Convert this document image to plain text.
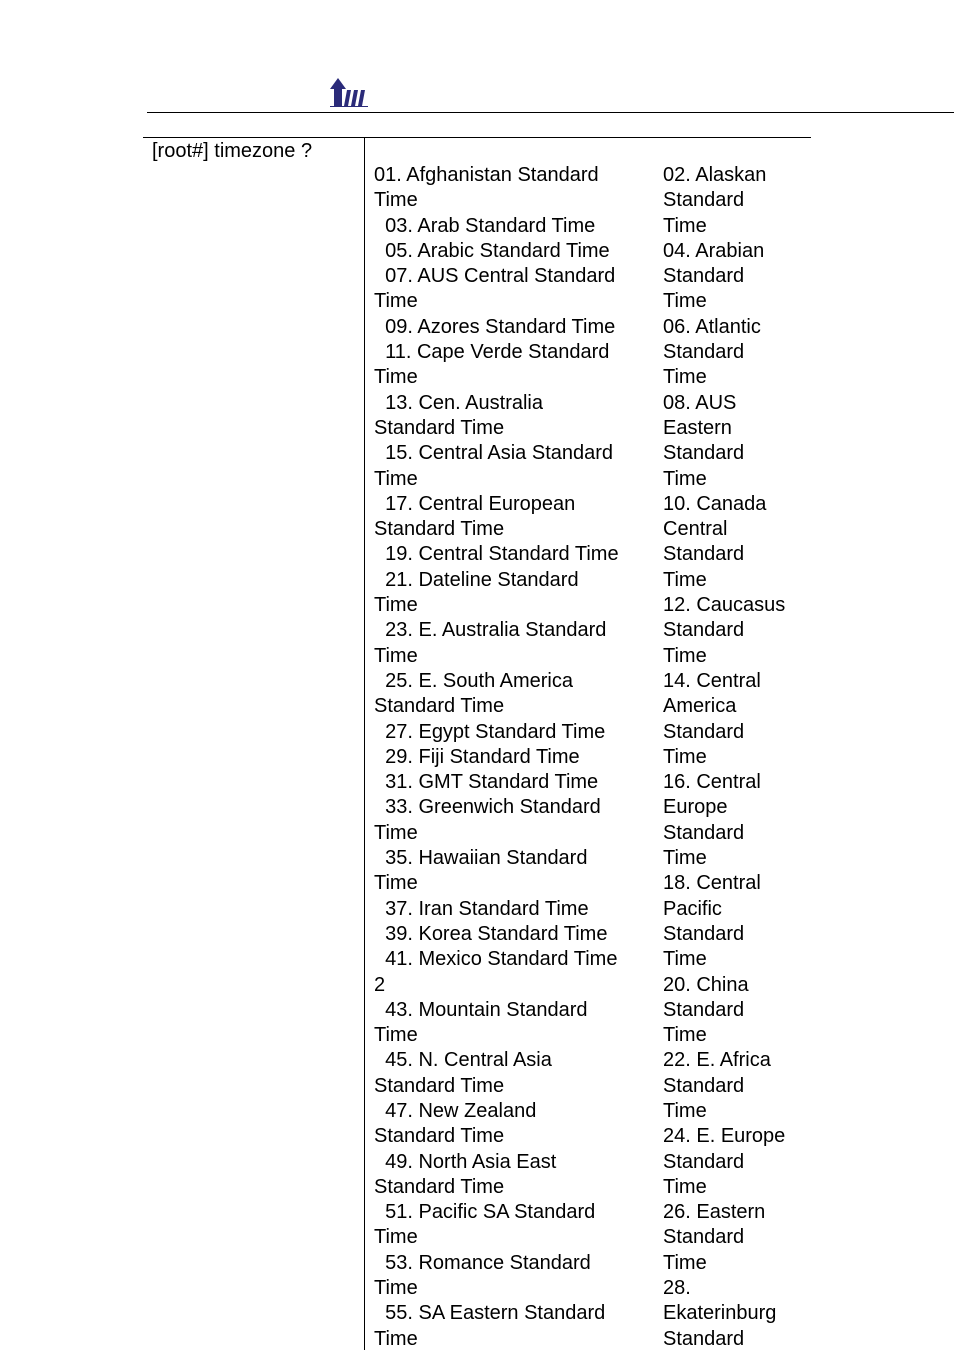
[root#] timezone ?
01. Afghanistan Standard
Time
03. Arab Standard Time
05. Arabic Standard Time
07. AUS Central Standard
Time
09. Azores Standard Time
11. Cape Verde Standard
Time
13. Cen. Australia
Standard Time
15. Central Asia Standard
Time
17. Central European
Standard Time
19. Central Standard Time
21. Dateline Standard
Time
23. E. Australia Standard
Time
25. E. South America
Standard Time
27. Egypt Standard Time
29. Fiji Standard Time
31. GMT Standard Time
33. Greenwich Standard
Time
35. Hawaiian Standard
Time
37. Iran Standard Time
39. Korea Standard Time
41. Mexico Standard Time
2
43. Mountain Standard
Time
45. N. Central Asia
Standard Time
47. New Zealand
Standard Time
49. North Asia East
Standard Time
51. Pacific SA Standard
Time
53. Romance Standard
Time
55. SA Eastern Standard
Time
02. Alaskan
Standard
Time
04. Arabian
Standard
Time
06. Atlantic
Standard
Time
08. AUS
Eastern
Standard
Time
10. Canada
Central
Standard
Time
12. Caucasus
Standard
Time
14. Central
America
Standard
Time
16. Central
Europe
Standard
Time
18. Central
Pacific
Standard
Time
20. China
Standard
Time
22. E. Africa
Standard
Time
24. E. Europe
Standard
Time
26. Eastern
Standard
Time
28.
Ekaterinburg
Standard
